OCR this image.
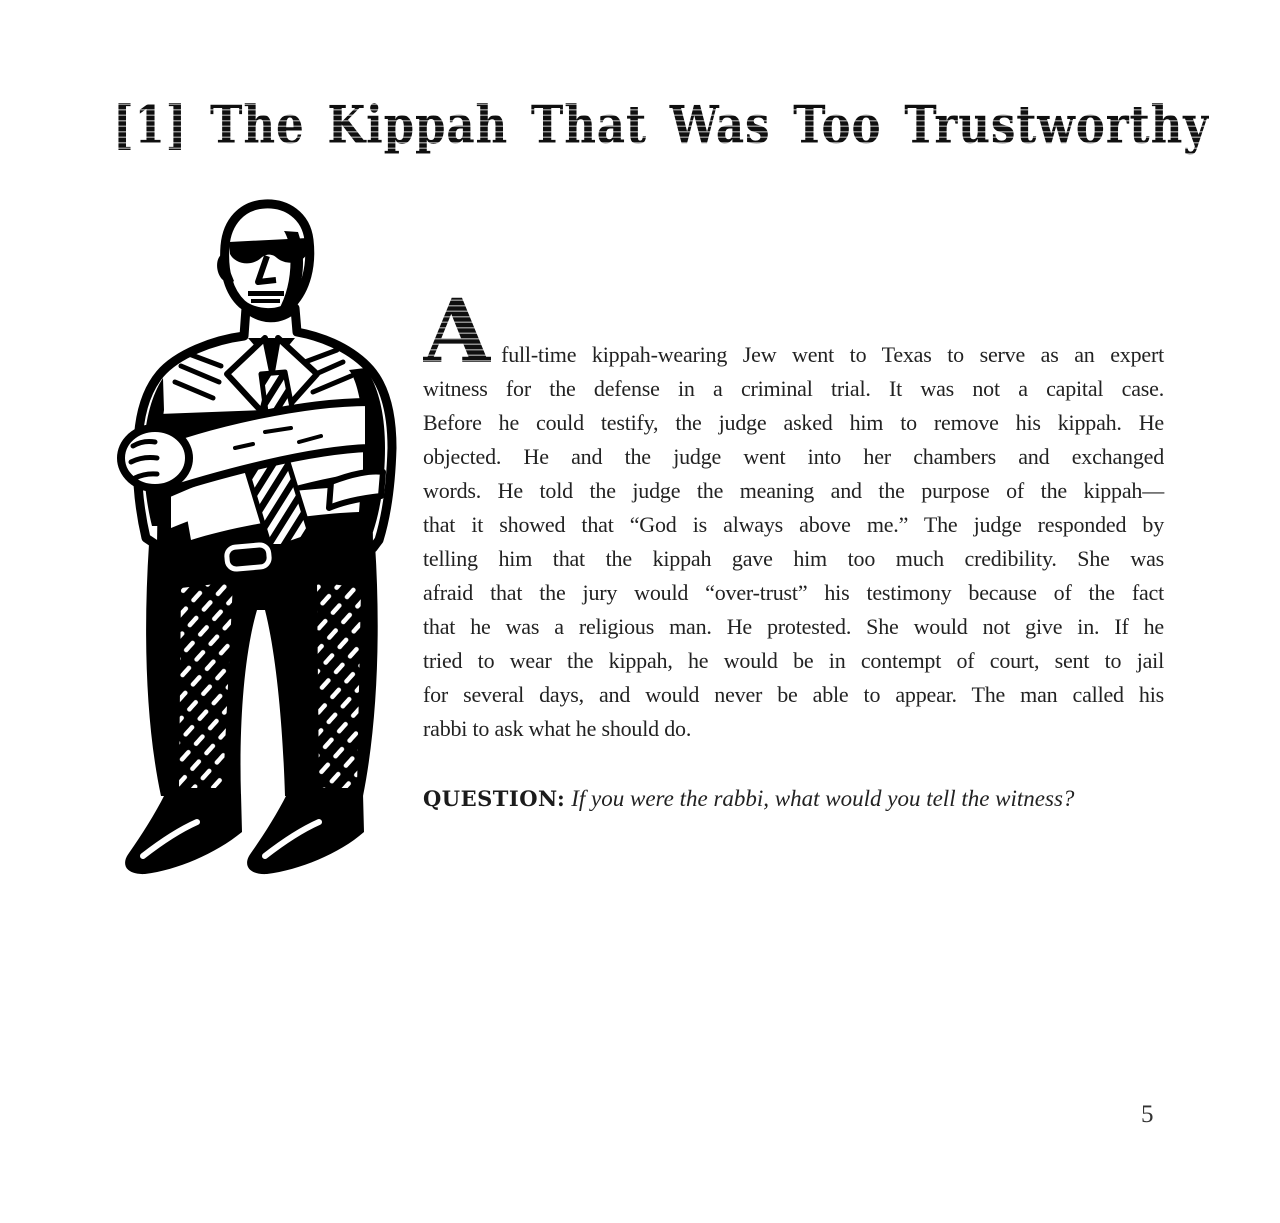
[1] The Kippah That Was Too Trustworthy
A full-time kippah-wearing Jew went to Texas to serve as an expert
witness for the defense in a criminal trial. It was not a capital case.
Before he could testify, the judge asked him to remove his kippah. He
objected. He and the judge went into her chambers and exchanged
words. He told the judge the meaning and the purpose of the kippah—
that it showed that “God is always above me.” The judge responded by
telling him that the kippah gave him too much credibility. She was
afraid that the jury would “over-trust” his testimony because of the fact
that he was a religious man. He protested. She would not give in. If he
tried to wear the kippah, he would be in contempt of court, sent to jail
for several days, and would never be able to appear. The man called his
rabbi to ask what he should do.
QUESTION: If you were the rabbi, what would you tell the witness?
5
